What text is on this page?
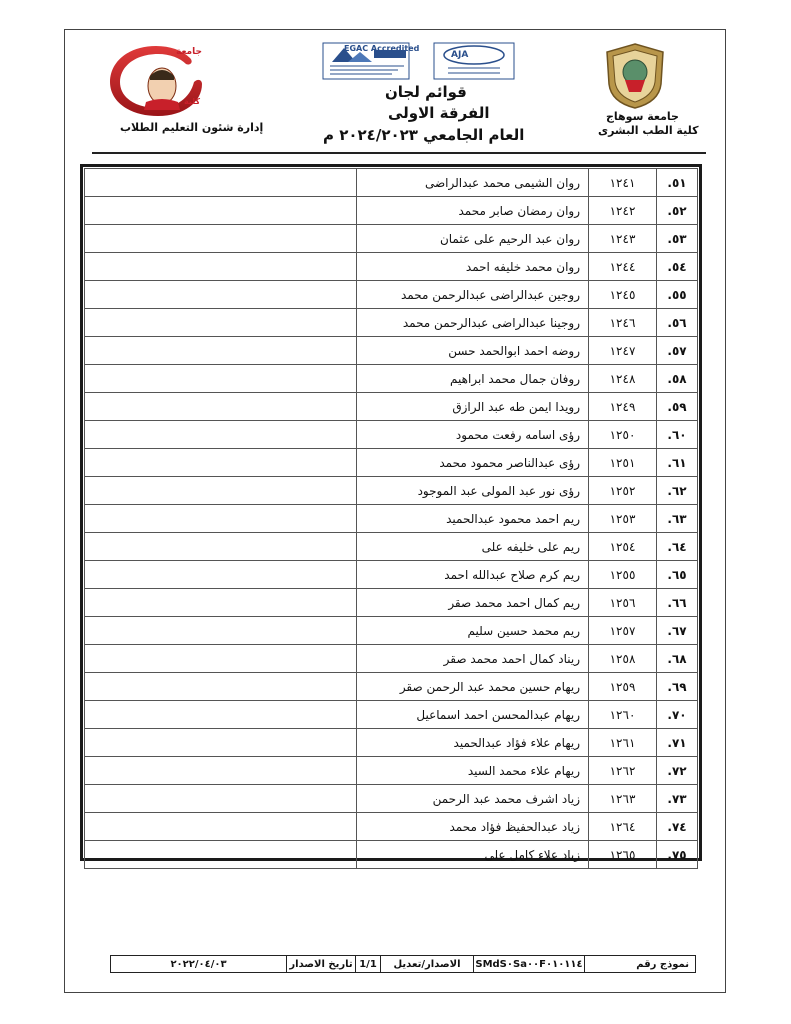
جامعة
كلية
EGAC Accredited
AJA
إدارة شئون التعليم الطلاب
جامعة سوهاج
كلية الطب البشرى
قوائم لجان
الفرقة الاولى
العام الجامعي ٢٠٢٤/٢٠٢٣ م
٥١.	١٢٤١	روان الشيمى محمد عبدالراضى	
٥٢.	١٢٤٢	روان رمضان صابر محمد	
٥٣.	١٢٤٣	روان عبد الرحيم على عثمان	
٥٤.	١٢٤٤	روان محمد خليفه احمد	
٥٥.	١٢٤٥	روجين عبدالراضى عبدالرحمن محمد	
٥٦.	١٢٤٦	روجينا عبدالراضى عبدالرحمن محمد	
٥٧.	١٢٤٧	روضه احمد ابوالحمد حسن	
٥٨.	١٢٤٨	روفان جمال محمد ابراهيم	
٥٩.	١٢٤٩	رويدا ايمن طه عبد الرازق	
٦٠.	١٢٥٠	رؤى اسامه رفعت محمود	
٦١.	١٢٥١	رؤى عبدالناصر محمود محمد	
٦٢.	١٢٥٢	رؤى نور عبد المولى عبد الموجود	
٦٣.	١٢٥٣	ريم احمد محمود عبدالحميد	
٦٤.	١٢٥٤	ريم على خليفه على	
٦٥.	١٢٥٥	ريم كرم صلاح عبدالله احمد	
٦٦.	١٢٥٦	ريم كمال احمد محمد صقر	
٦٧.	١٢٥٧	ريم محمد حسين سليم	
٦٨.	١٢٥٨	ريناد كمال احمد محمد صقر	
٦٩.	١٢٥٩	ريهام حسين محمد عبد الرحمن صقر	
٧٠.	١٢٦٠	ريهام عبدالمحسن احمد اسماعيل	
٧١.	١٢٦١	ريهام علاء فؤاد عبدالحميد	
٧٢.	١٢٦٢	ريهام علاء محمد السيد	
٧٣.	١٢٦٣	زياد اشرف محمد عبد الرحمن	
٧٤.	١٢٦٤	زياد عبدالحفيظ فؤاد محمد	
٧٥.	١٢٦٥	زياد علاء كامل على	
نموذج رقم
SMdS٠Sa٠٠F٠١٠١١٤
الاصدار/تعديل
1/1
تاريخ الاصدار
٢٠٢٢/٠٤/٠٣
